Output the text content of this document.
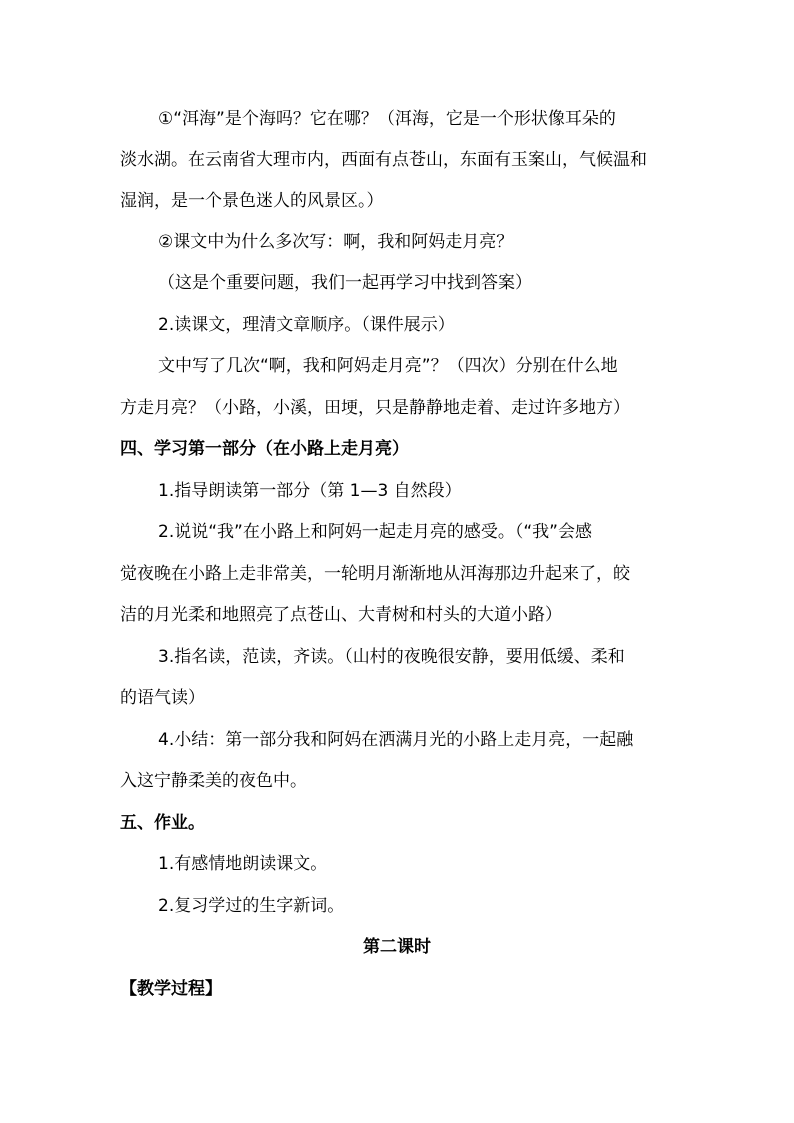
①“洱海”是个海吗？它在哪？（洱海，它是一个形状像耳朵的

淡水湖。在云南省大理市内，西面有点苍山，东面有玉案山，气候温和

湿润，是一个景色迷人的风景区。）

②课文中为什么多次写：啊，我和阿妈走月亮？

（这是个重要问题，我们一起再学习中找到答案）

2.读课文，理清文章顺序。（课件展示）

文中写了几次“啊，我和阿妈走月亮”？（四次）分别在什么地

方走月亮？（小路，小溪，田埂，只是静静地走着、走过许多地方）

四、学习第一部分（在小路上走月亮）

1.指导朗读第一部分（第 1—3 自然段）

2.说说“我”在小路上和阿妈一起走月亮的感受。（“我”会感

觉夜晚在小路上走非常美，一轮明月渐渐地从洱海那边升起来了，皎

洁的月光柔和地照亮了点苍山、大青树和村头的大道小路）

3.指名读，范读，齐读。（山村的夜晚很安静，要用低缓、柔和

的语气读）

4.小结：第一部分我和阿妈在洒满月光的小路上走月亮，一起融

入这宁静柔美的夜色中。

五、作业。

1.有感情地朗读课文。

2.复习学过的生字新词。

第二课时

【教学过程】
